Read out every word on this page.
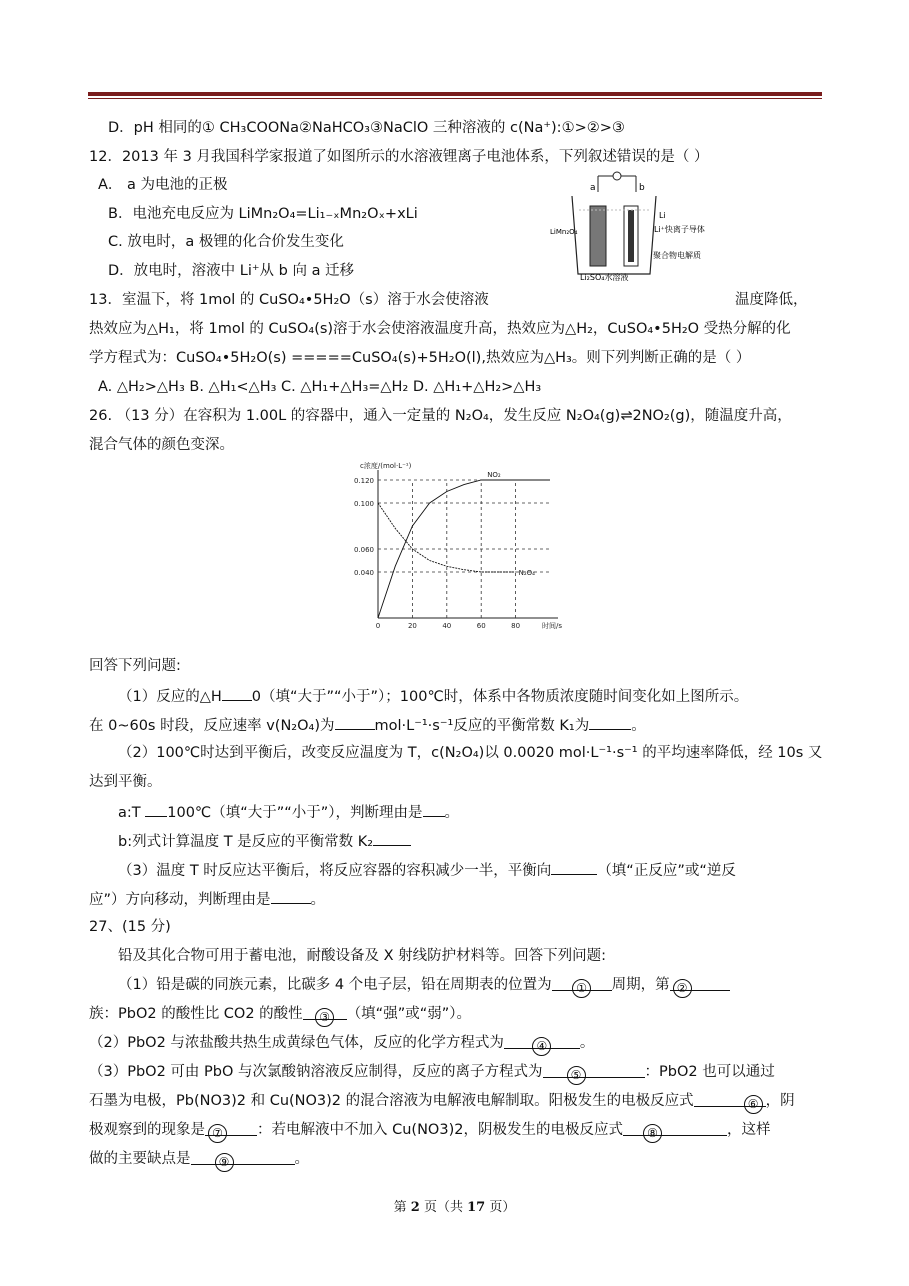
D．pH 相同的① CH₃COONa②NaHCO₃③NaClO 三种溶液的 c(Na⁺):①>②>③
12．2013 年 3 月我国科学家报道了如图所示的水溶液锂离子电池体系，下列叙述错误的是（ ）
A． a 为电池的正极
B．电池充电反应为 LiMn₂O₄=Li₁₋ₓMn₂Oₓ+xLi
C. 放电时，a 极锂的化合价发生变化
D．放电时，溶液中 Li⁺从 b 向 a 迁移
a	b
Li
Li⁺快离子导体
LiMn₂O₄
聚合物电解质
Li₂SO₄水溶液
13．室温下，将 1mol 的 CuSO₄•5H₂O（s）溶于水会使溶液	温度降低，
热效应为△H₁，将 1mol 的 CuSO₄(s)溶于水会使溶液温度升高，热效应为△H₂，CuSO₄•5H₂O 受热分解的化
学方程式为：CuSO₄•5H₂O(s) =====CuSO₄(s)+5H₂O(l),热效应为△H₃。则下列判断正确的是（ ）
A. △H₂>△H₃ B. △H₁<△H₃ C. △H₁+△H₃=△H₂ D. △H₁+△H₂>△H₃
26. （13 分）在容积为 1.00L 的容器中，通入一定量的 N₂O₄，发生反应 N₂O₄(g)⇌2NO₂(g)，随温度升高，
混合气体的颜色变深。
0.040
0.060
0.100
0.120
0	20	40	60	80
c浓度/(mol·L⁻¹)
时间/s
NO₂
N₂O₄
回答下列问题:
（1）反应的△H 0（填“大于”“小于”）；100℃时，体系中各物质浓度随时间变化如上图所示。
在 0~60s 时段，反应速率 v(N₂O₄)为	mol·L⁻¹·s⁻¹反应的平衡常数 K₁为	。
（2）100℃时达到平衡后，改变反应温度为 T，c(N₂O₄)以 0.0020 mol·L⁻¹·s⁻¹ 的平均速率降低，经 10s 又
达到平衡。
a:T 100℃（填“大于”“小于”），判断理由是 。
b:列式计算温度 T 是反应的平衡常数 K₂
（3）温度 T 时反应达平衡后，将反应容器的容积减少一半，平衡向	（填“正反应”或“逆反
应”）方向移动，判断理由是	。
27、(15 分)
铅及其化合物可用于蓄电池，耐酸设备及 X 射线防护材料等。回答下列问题:
（1）铅是碳的同族元素，比碳多 4 个电子层，铅在周期表的位置为 ① 周期，第 ②
族：PbO2 的酸性比 CO2 的酸性 ③ （填“强”或“弱”）。
（2）PbO2 与浓盐酸共热生成黄绿色气体，反应的化学方程式为	④ 。
（3）PbO2 可由 PbO 与次氯酸钠溶液反应制得，反应的离子方程式为 ⑤	：PbO2 也可以通过
石墨为电极，Pb(NO3)2 和 Cu(NO3)2 的混合溶液为电解液电解制取。阳极发生的电极反应式	⑥ ，阴
极观察到的现象是 ⑦ ：若电解液中不加入 Cu(NO3)2，阴极发生的电极反应式 ⑧	，这样
做的主要缺点是 ⑨	。
第 2 页（共 17 页）
